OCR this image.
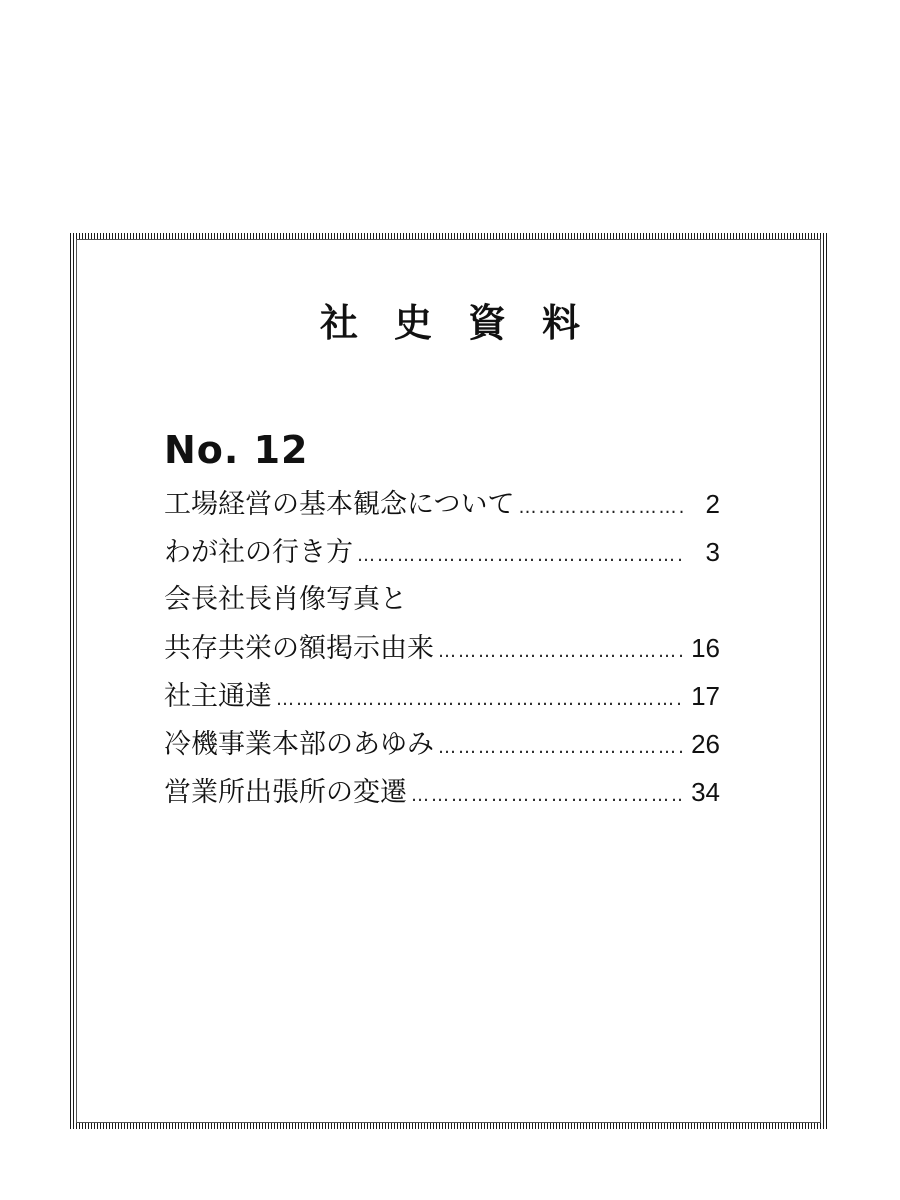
社史資料
No. 12
工場経営の基本観念について ……………………………………………………………………………………………	2
わが社の行き方 ……………………………………………………………………………………………	3
会長社長肖像写真と
共存共栄の額掲示由来 ……………………………………………………………………………………………	16
社主通達 ……………………………………………………………………………………………	17
冷機事業本部のあゆみ ……………………………………………………………………………………………	26
営業所出張所の変遷 ……………………………………………………………………………………………	34
